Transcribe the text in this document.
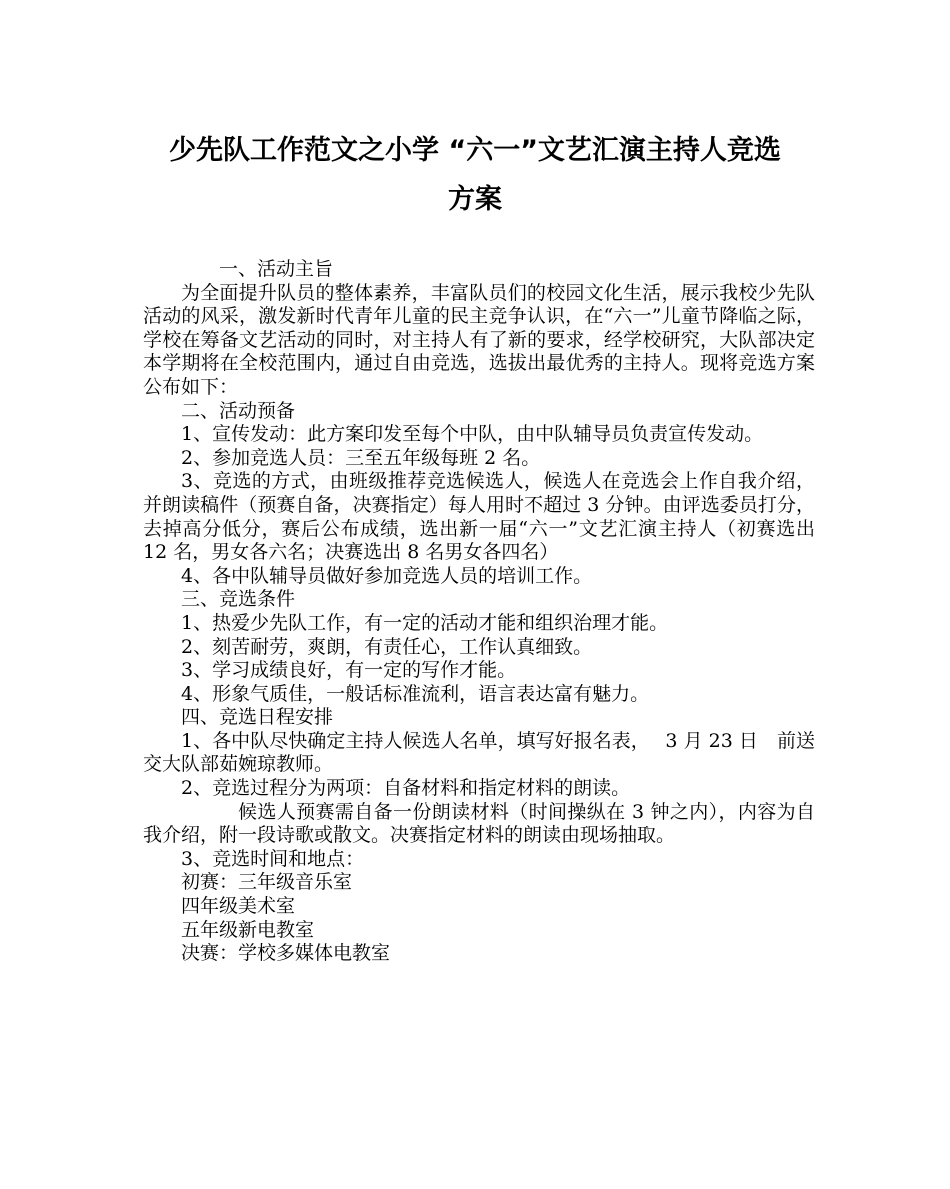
少先队工作范文之小学 “六一”文艺汇演主持人竞选
方案

一、活动主旨

为全面提升队员的整体素养，丰富队员们的校园文化生活，展示我校少先队活动的风采，激发新时代青年儿童的民主竞争认识，在“六一”儿童节降临之际，学校在筹备文艺活动的同时，对主持人有了新的要求，经学校研究，大队部决定本学期将在全校范围内，通过自由竞选，选拔出最优秀的主持人。现将竞选方案公布如下：

二、活动预备

1、宣传发动：此方案印发至每个中队，由中队辅导员负责宣传发动。

2、参加竞选人员：三至五年级每班 2 名。

3、竞选的方式，由班级推荐竞选候选人，候选人在竞选会上作自我介绍，并朗读稿件（预赛自备，决赛指定）每人用时不超过 3 分钟。由评选委员打分，去掉高分低分，赛后公布成绩，选出新一届“六一”文艺汇演主持人（初赛选出 12 名，男女各六名；决赛选出 8 名男女各四名）

4、各中队辅导员做好参加竞选人员的培训工作。

三、竞选条件

1、热爱少先队工作，有一定的活动才能和组织治理才能。

2、刻苦耐劳，爽朗，有责任心，工作认真细致。

3、学习成绩良好，有一定的写作才能。

4、形象气质佳，一般话标准流利，语言表达富有魅力。

四、竞选日程安排

1、各中队尽快确定主持人候选人名单，填写好报名表，　 3 月 23 日　前送交大队部茹婉琼教师。

2、竞选过程分为两项：自备材料和指定材料的朗读。

候选人预赛需自备一份朗读材料（时间操纵在 3 钟之内），内容为自我介绍，附一段诗歌或散文。决赛指定材料的朗读由现场抽取。

3、竞选时间和地点：

初赛：三年级音乐室

四年级美术室

五年级新电教室

决赛：学校多媒体电教室
